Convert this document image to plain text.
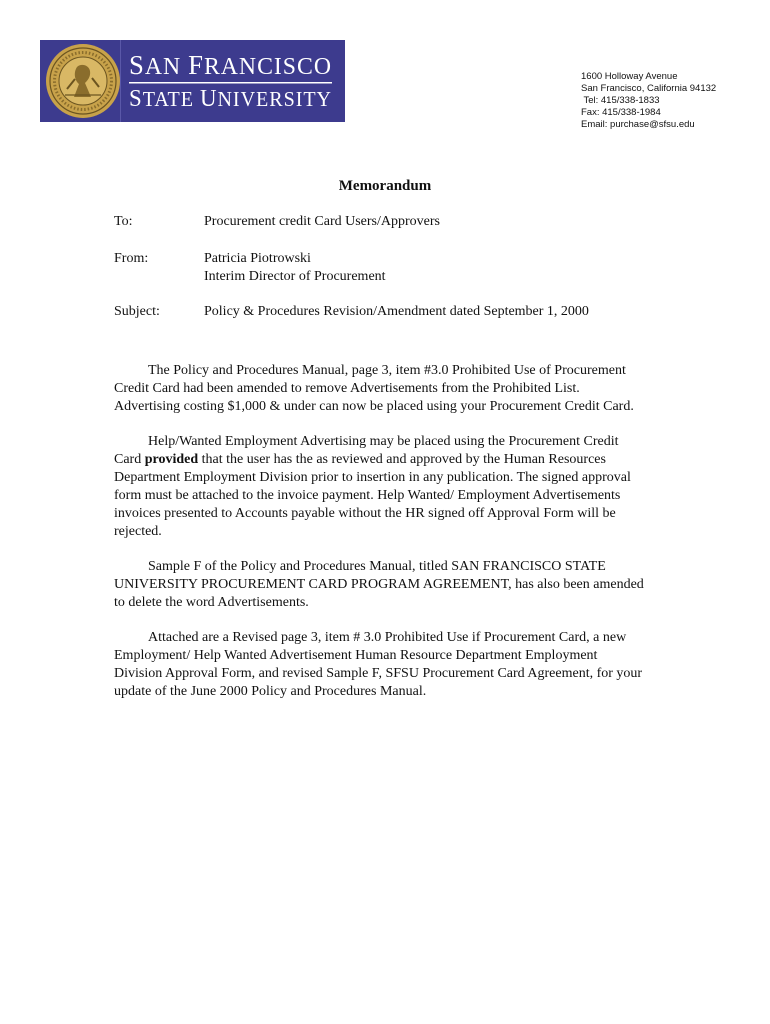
SAN FRANCISCO
STATE UNIVERSITY
1600 Holloway Avenue
San Francisco, California 94132
Tel: 415/338-1833
Fax: 415/338-1984
Email: purchase@sfsu.edu
Memorandum
To:	Procurement credit Card Users/Approvers
From:	Patricia Piotrowski
Interim Director of Procurement
Subject:	Policy & Procedures Revision/Amendment dated September 1, 2000

The Policy and Procedures Manual, page 3, item #3.0 Prohibited Use of Procurement Credit Card had been amended to remove Advertisements from the Prohibited List. Advertising costing $1,000 & under can now be placed using your Procurement Credit Card.

Help/Wanted Employment Advertising may be placed using the Procurement Credit Card provided that the user has the as reviewed and approved by the Human Resources Department Employment Division prior to insertion in any publication. The signed approval form must be attached to the invoice payment. Help Wanted/ Employment Advertisements invoices presented to Accounts payable without the HR signed off Approval Form will be rejected.

Sample F of the Policy and Procedures Manual, titled SAN FRANCISCO STATE UNIVERSITY PROCUREMENT CARD PROGRAM AGREEMENT, has also been amended to delete the word Advertisements.

Attached are a Revised page 3, item # 3.0 Prohibited Use if Procurement Card, a new Employment/ Help Wanted Advertisement Human Resource Department Employment Division Approval Form, and revised Sample F, SFSU Procurement Card Agreement, for your update of the June 2000 Policy and Procedures Manual.
